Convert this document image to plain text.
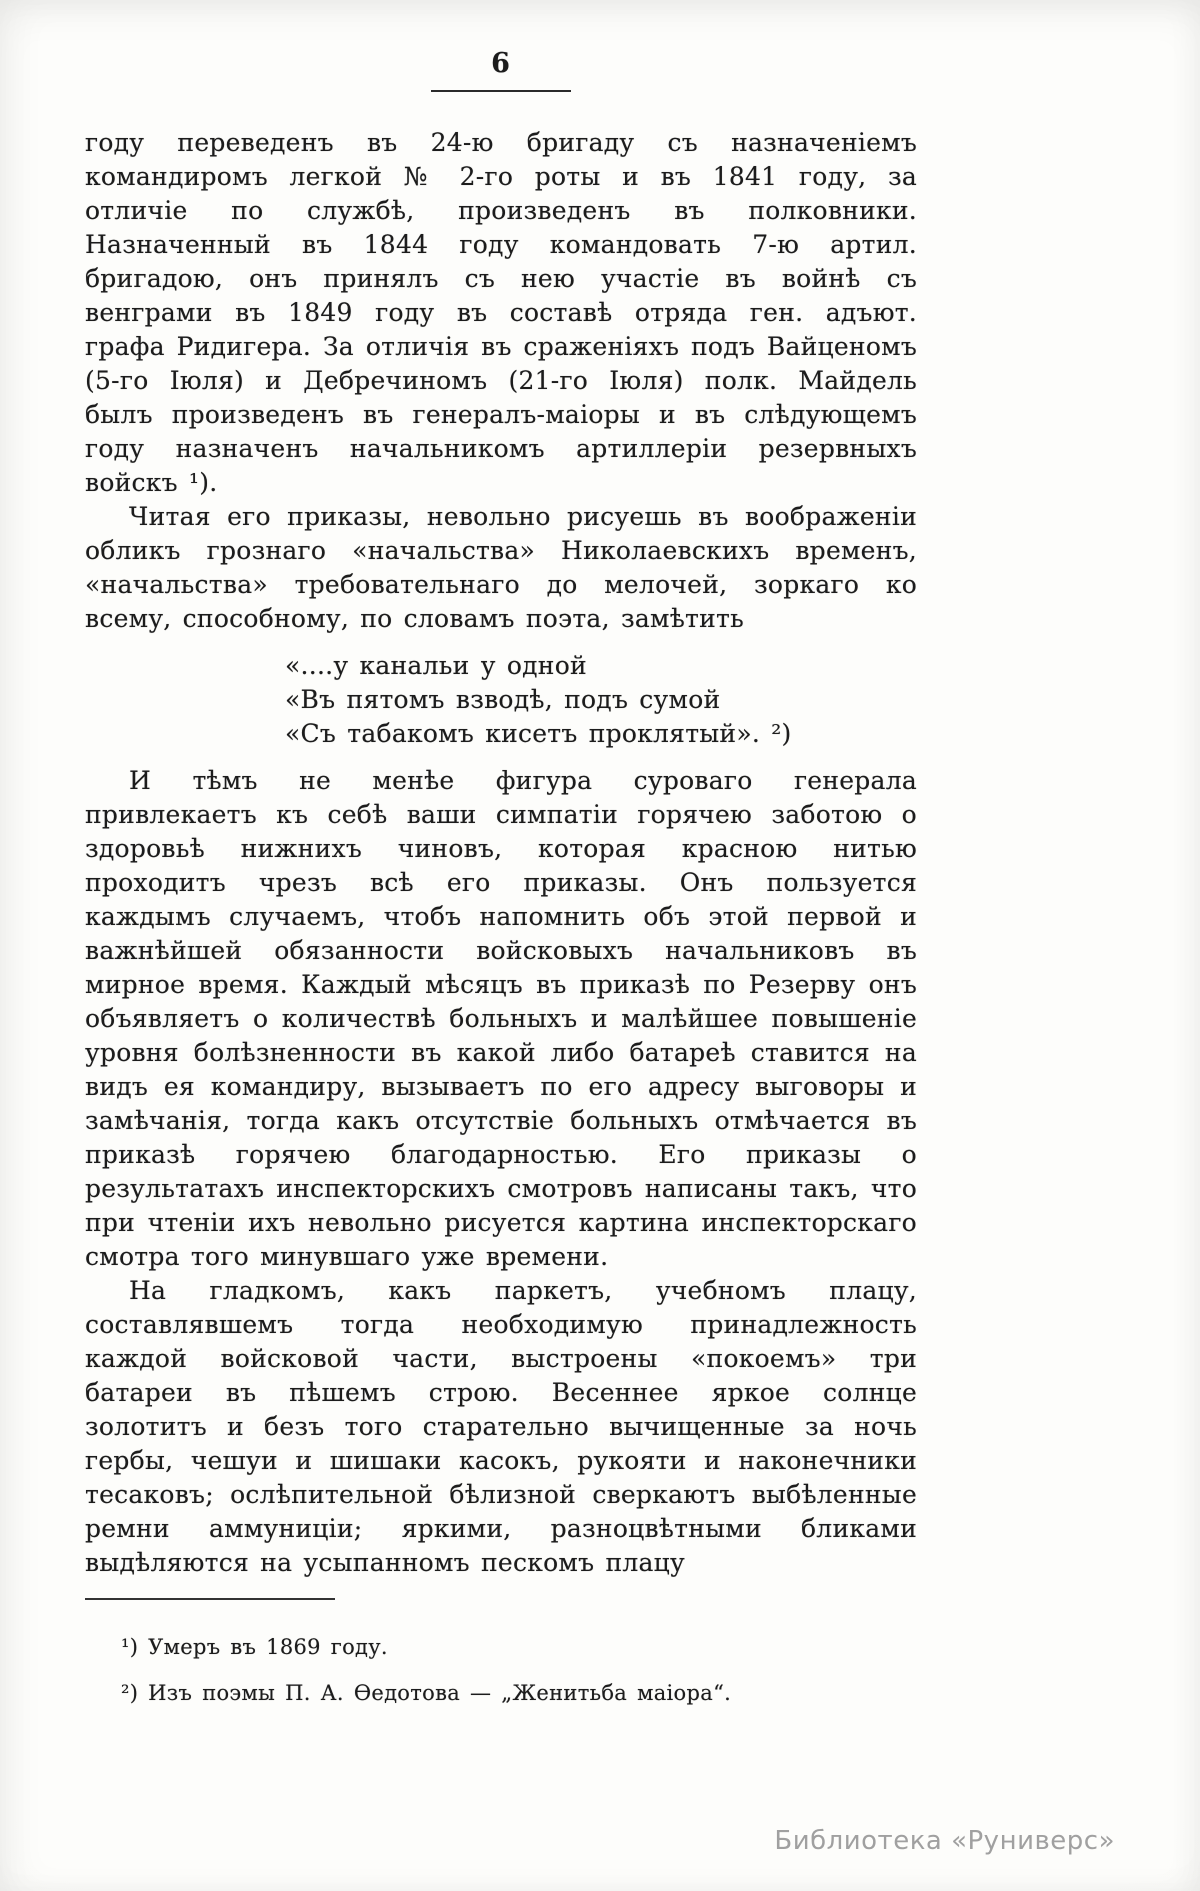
6

году переведенъ въ 24-ю бригаду съ назначеніемъ командиромъ легкой № 2-го роты и въ 1841 году, за отличіе по службѣ, произведенъ въ полковники. Назначенный въ 1844 году командовать 7-ю артил. бригадою, онъ принялъ съ нею участіе въ войнѣ съ венграми въ 1849 году въ составѣ отряда ген. адъют. графа Ридигера. За отличія въ сраженіяхъ подъ Вайценомъ (5-го Іюля) и Дебречиномъ (21-го Іюля) полк. Майдель былъ произведенъ въ генералъ-маіоры и въ слѣдующемъ году назначенъ начальникомъ артиллеріи резервныхъ войскъ ¹).

Читая его приказы, невольно рисуешь въ воображеніи обликъ грознаго «начальства» Николаевскихъ временъ, «начальства» требовательнаго до мелочей, зоркаго ко всему, способному, по словамъ поэта, замѣтить

«....у канальи у одной
«Въ пятомъ взводѣ, подъ сумой
«Съ табакомъ кисетъ проклятый». ²)

И тѣмъ не менѣе фигура суроваго генерала привлекаетъ къ себѣ ваши симпатіи горячею заботою о здоровьѣ нижнихъ чиновъ, которая красною нитью проходитъ чрезъ всѣ его приказы. Онъ пользуется каждымъ случаемъ, чтобъ напомнить объ этой первой и важнѣйшей обязанности войсковыхъ начальниковъ въ мирное время. Каждый мѣсяцъ въ приказѣ по Резерву онъ объявляетъ о количествѣ больныхъ и малѣйшее повышеніе уровня болѣзненности въ какой либо батареѣ ставится на видъ ея командиру, вызываетъ по его адресу выговоры и замѣчанія, тогда какъ отсутствіе больныхъ отмѣчается въ приказѣ горячею благодарностью. Его приказы о результатахъ инспекторскихъ смотровъ написаны такъ, что при чтеніи ихъ невольно рисуется картина инспекторскаго смотра того минувшаго уже времени.

На гладкомъ, какъ паркетъ, учебномъ плацу, составлявшемъ тогда необходимую принадлежность каждой войсковой части, выстроены «покоемъ» три батареи въ пѣшемъ строю. Весеннее яркое солнце золотитъ и безъ того старательно вычищенные за ночь гербы, чешуи и шишаки касокъ, рукояти и наконечники тесаковъ; ослѣпительной бѣлизной сверкаютъ выбѣленные ремни аммуниціи; яркими, разноцвѣтными бликами выдѣляются на усыпанномъ пескомъ плацу

¹) Умеръ въ 1869 году.
²) Изъ поэмы П. А. Ѳедотова — „Женитьба маіора“.
Библиотека «Руниверс»
